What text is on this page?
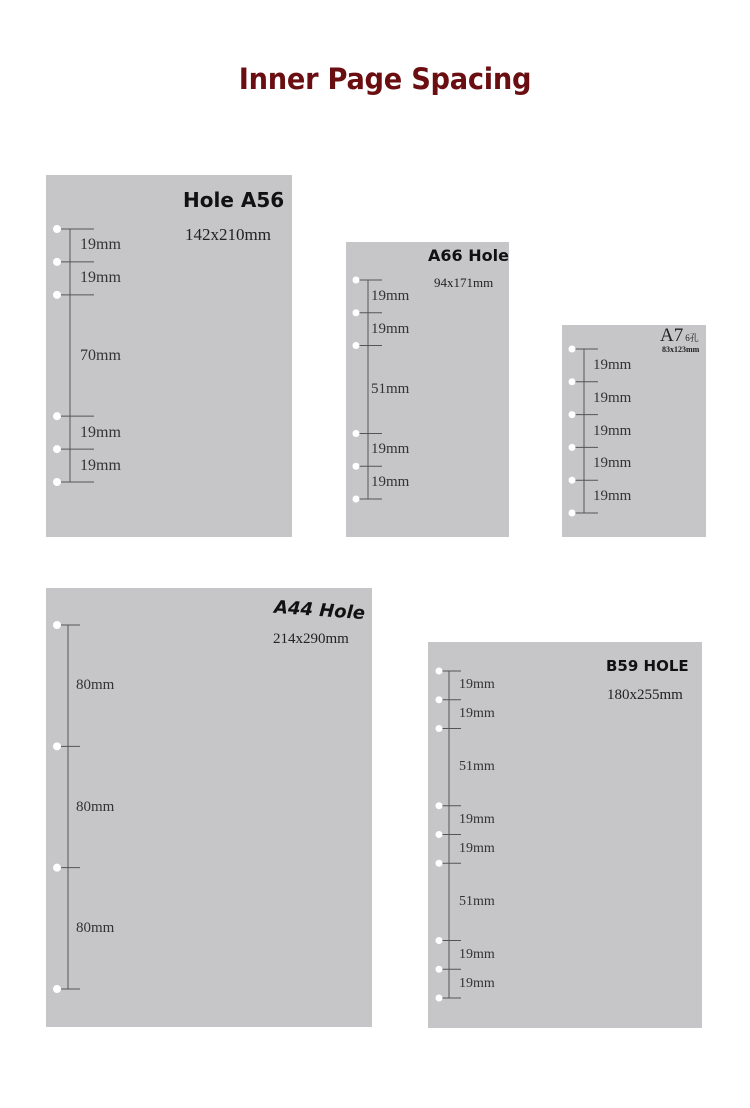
Inner Page Spacing
Hole A56
142x210mm
19mm
19mm
70mm
19mm
19mm
A66 Hole
94x171mm
19mm
19mm
51mm
19mm
19mm
A7 6孔
83x123mm
19mm
19mm
19mm
19mm
19mm
A44 Hole
214x290mm
80mm
80mm
80mm
B59 HOLE
180x255mm
19mm
19mm
51mm
19mm
19mm
51mm
19mm
19mm
